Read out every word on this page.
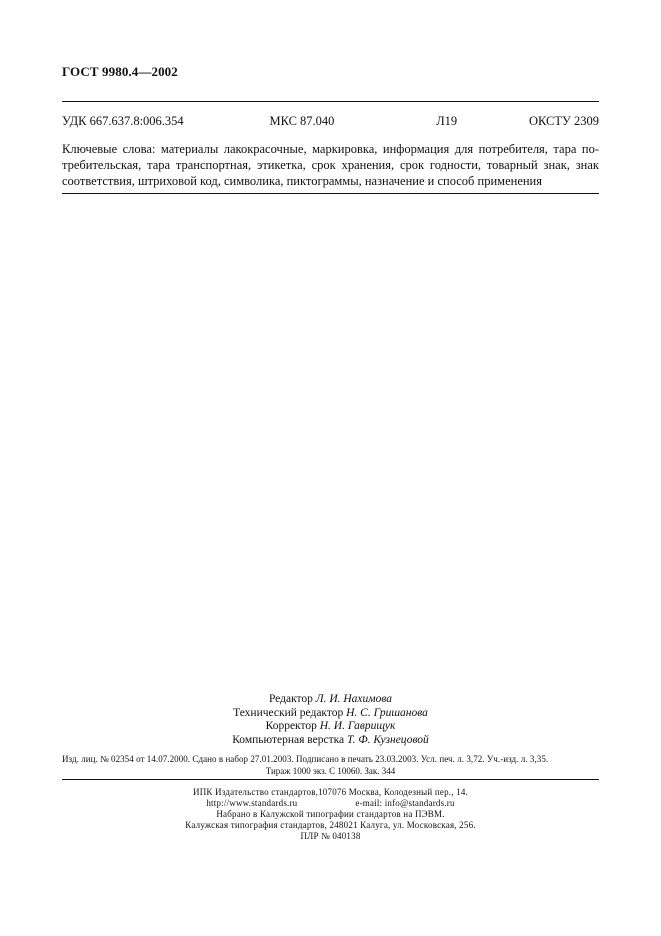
ГОСТ 9980.4—2002
УДК 667.637.8:006.354	МКС 87.040	Л19	ОКСТУ 2309
Ключевые слова: материалы лакокрасочные, маркировка, информация для потребителя, тара по-
требительская, тара транспортная, этикетка, срок хранения, срок годности, товарный знак, знак
соответствия, штриховой код, символика, пиктограммы, назначение и способ применения
Редактор Л. И. Нахимова
Технический редактор Н. С. Гришанова
Корректор Н. И. Гаврищук
Компьютерная верстка Т. Ф. Кузнецовой
Изд. лиц. № 02354 от 14.07.2000. Сдано в набор 27.01.2003. Подписано в печать 23.03.2003. Усл. печ. л. 3,72. Уч.-изд. л. 3,35.
Тираж 1000 экз. С 10060. Зак. 344
ИПК Издательство стандартов,107076 Москва, Колодезный пер., 14.
http://www.standards.ru	e-mail: info@standards.ru
Набрано в Калужской типографии стандартов на ПЭВМ.
Калужская типография стандартов, 248021 Калуга, ул. Московская, 256.
ПЛР № 040138
